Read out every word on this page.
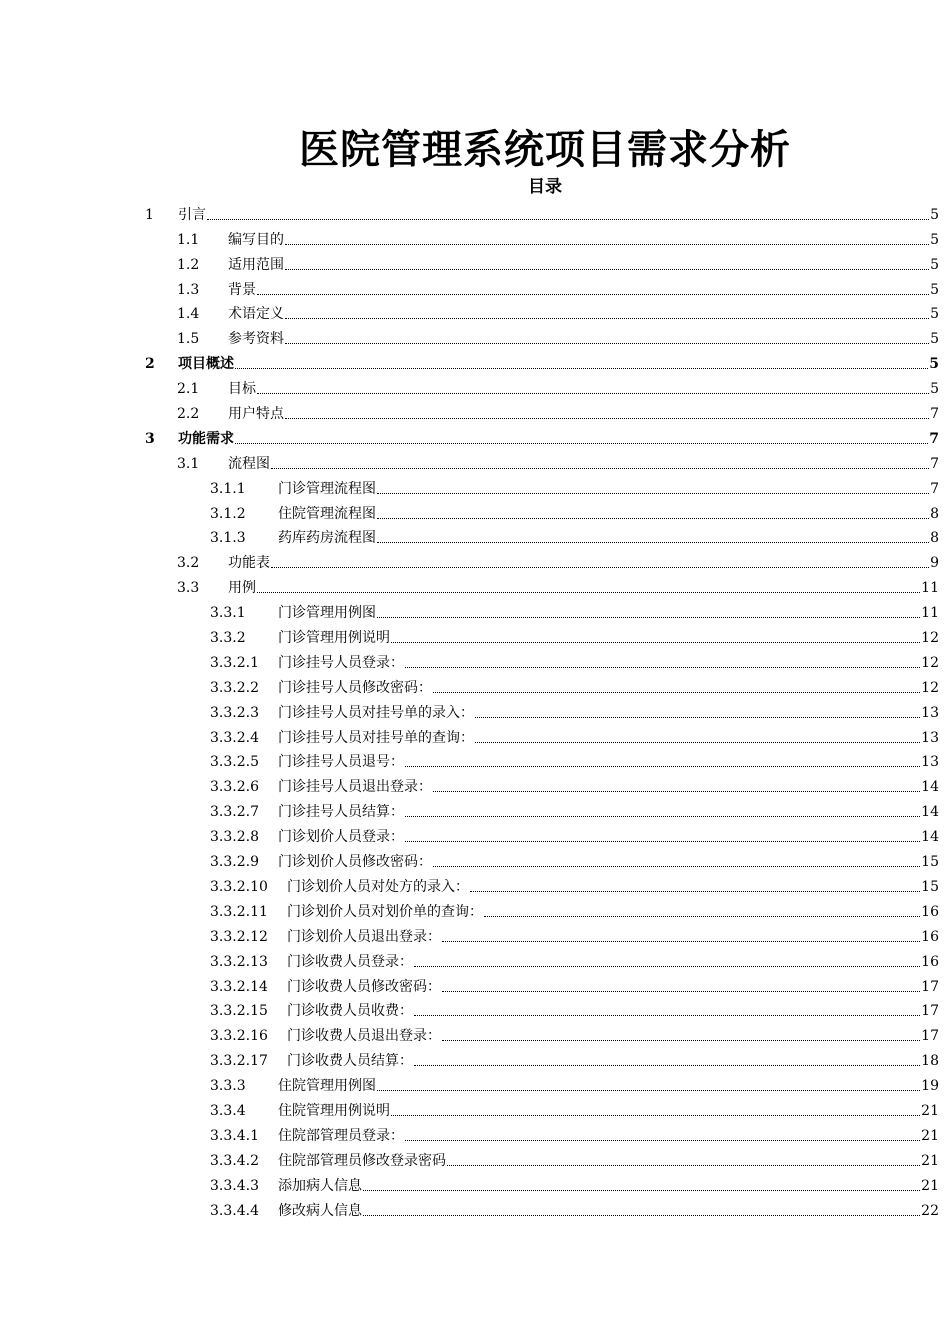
医院管理系统项目需求分析
目录
1	引言	5
1.1	编写目的	5
1.2	适用范围	5
1.3	背景	5
1.4	术语定义	5
1.5	参考资料	5
2	项目概述	5
2.1	目标	5
2.2	用户特点	7
3	功能需求	7
3.1	流程图	7
3.1.1	门诊管理流程图	7
3.1.2	住院管理流程图	8
3.1.3	药库药房流程图	8
3.2	功能表	9
3.3	用例	11
3.3.1	门诊管理用例图	11
3.3.2	门诊管理用例说明	12
3.3.2.1	门诊挂号人员登录：	12
3.3.2.2	门诊挂号人员修改密码：	12
3.3.2.3	门诊挂号人员对挂号单的录入：	13
3.3.2.4	门诊挂号人员对挂号单的查询：	13
3.3.2.5	门诊挂号人员退号：	13
3.3.2.6	门诊挂号人员退出登录：	14
3.3.2.7	门诊挂号人员结算：	14
3.3.2.8	门诊划价人员登录：	14
3.3.2.9	门诊划价人员修改密码：	15
3.3.2.10	门诊划价人员对处方的录入：	15
3.3.2.11	门诊划价人员对划价单的查询：	16
3.3.2.12	门诊划价人员退出登录：	16
3.3.2.13	门诊收费人员登录：	16
3.3.2.14	门诊收费人员修改密码：	17
3.3.2.15	门诊收费人员收费：	17
3.3.2.16	门诊收费人员退出登录：	17
3.3.2.17	门诊收费人员结算：	18
3.3.3	住院管理用例图	19
3.3.4	住院管理用例说明	21
3.3.4.1	住院部管理员登录：	21
3.3.4.2	住院部管理员修改登录密码	21
3.3.4.3	添加病人信息	21
3.3.4.4	修改病人信息	22
